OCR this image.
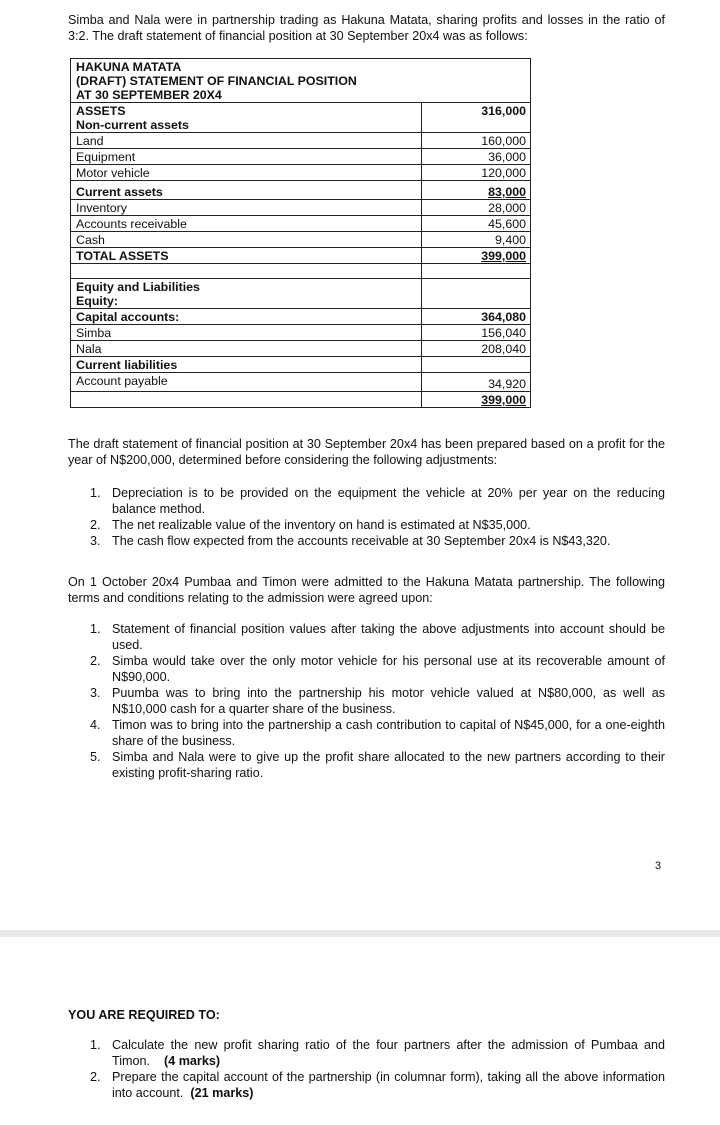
Simba and Nala were in partnership trading as Hakuna Matata, sharing profits and losses in the ratio of 3:2. The draft statement of financial position at 30 September 20x4 was as follows:

HAKUNA MATATA
(DRAFT) STATEMENT OF FINANCIAL POSITION
AT 30 SEPTEMBER 20X4	

ASSETS
Non-current assets	316,000
Land	160,000
Equipment	36,000
Motor vehicle	120,000
Current assets	83,000
Inventory	28,000
Accounts receivable	45,600
Cash	9,400
TOTAL ASSETS	399,000

Equity and Liabilities
Equity:	

Capital accounts:	364,080
Simba	156,040
Nala	208,040
Current liabilities	
Account payable	34,920
	399,000

The draft statement of financial position at 30 September 20x4 has been prepared based on a profit for the year of N$200,000, determined before considering the following adjustments:

1. Depreciation is to be provided on the equipment the vehicle at 20% per year on the reducing balance method.
2. The net realizable value of the inventory on hand is estimated at N$35,000.
3. The cash flow expected from the accounts receivable at 30 September 20x4 is N$43,320.

On 1 October 20x4 Pumbaa and Timon were admitted to the Hakuna Matata partnership. The following terms and conditions relating to the admission were agreed upon:

1. Statement of financial position values after taking the above adjustments into account should be used.
2. Simba would take over the only motor vehicle for his personal use at its recoverable amount of N$90,000.
3. Puumba was to bring into the partnership his motor vehicle valued at N$80,000, as well as N$10,000 cash for a quarter share of the business.
4. Timon was to bring into the partnership a cash contribution to capital of N$45,000, for a one-eighth share of the business.
5. Simba and Nala were to give up the profit share allocated to the new partners according to their existing profit-sharing ratio.
3
YOU ARE REQUIRED TO:
1. Calculate the new profit sharing ratio of the four partners after the admission of Pumbaa and Timon. (4 marks)
2. Prepare the capital account of the partnership (in columnar form), taking all the above information into account. (21 marks)
